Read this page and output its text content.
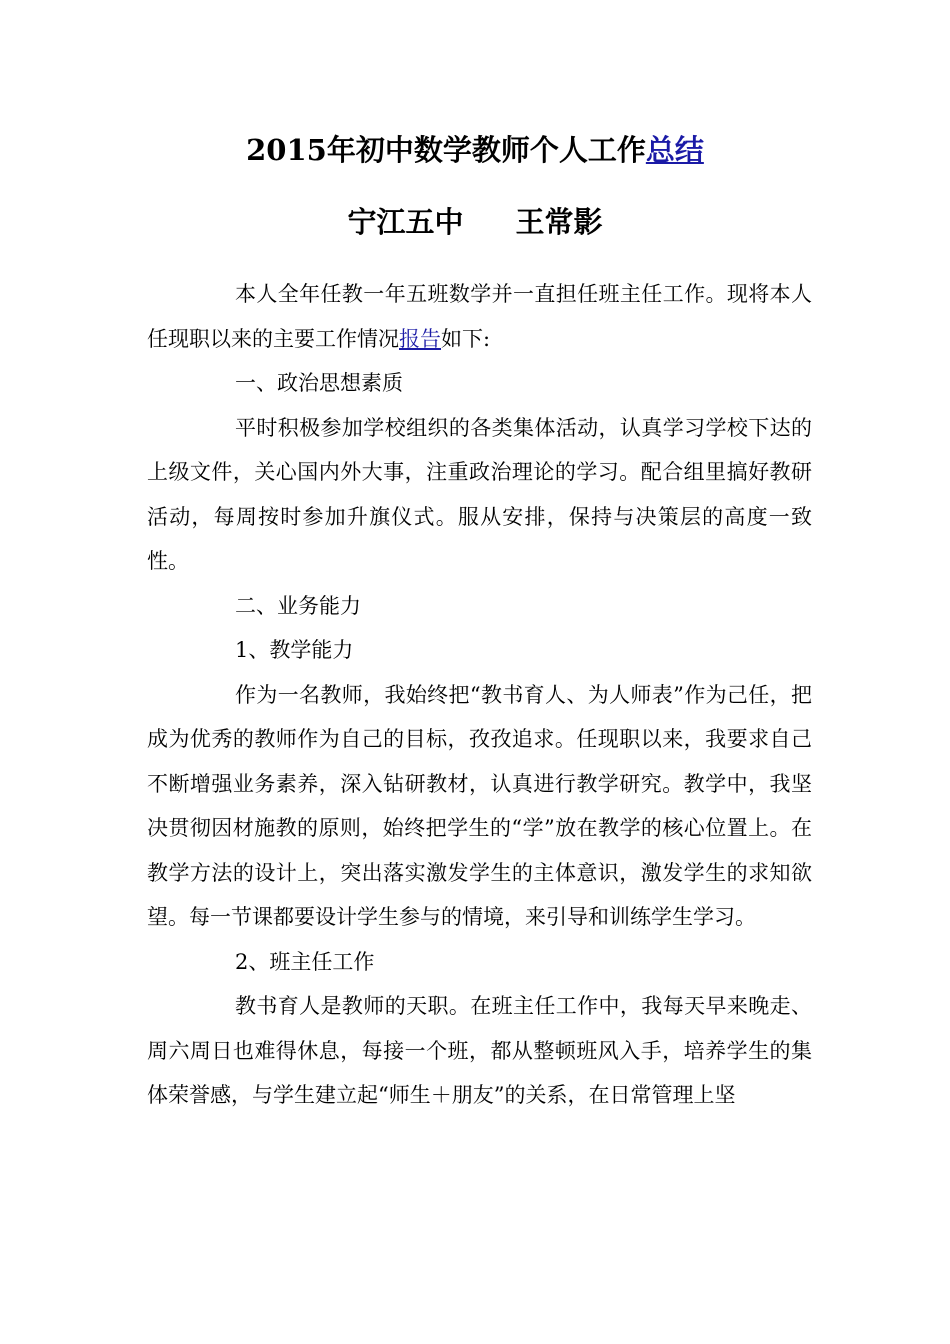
2015年初中数学教师个人工作总结
宁江五中 王常影

本人全年任教一年五班数学并一直担任班主任工作。现将本人任现职以来的主要工作情况报告如下:

一、政治思想素质

平时积极参加学校组织的各类集体活动，认真学习学校下达的上级文件，关心国内外大事，注重政治理论的学习。配合组里搞好教研活动，每周按时参加升旗仪式。服从安排，保持与决策层的高度一致性。

二、业务能力

1、教学能力

作为一名教师，我始终把“教书育人、为人师表”作为己任，把成为优秀的教师作为自己的目标，孜孜追求。任现职以来，我要求自己不断增强业务素养，深入钻研教材，认真进行教学研究。教学中，我坚决贯彻因材施教的原则，始终把学生的“学”放在教学的核心位置上。在教学方法的设计上，突出落实激发学生的主体意识，激发学生的求知欲望。每一节课都要设计学生参与的情境，来引导和训练学生学习。

2、班主任工作

教书育人是教师的天职。在班主任工作中，我每天早来晚走、周六周日也难得休息，每接一个班，都从整顿班风入手，培养学生的集体荣誉感，与学生建立起“师生＋朋友”的关系，在日常管理上坚
